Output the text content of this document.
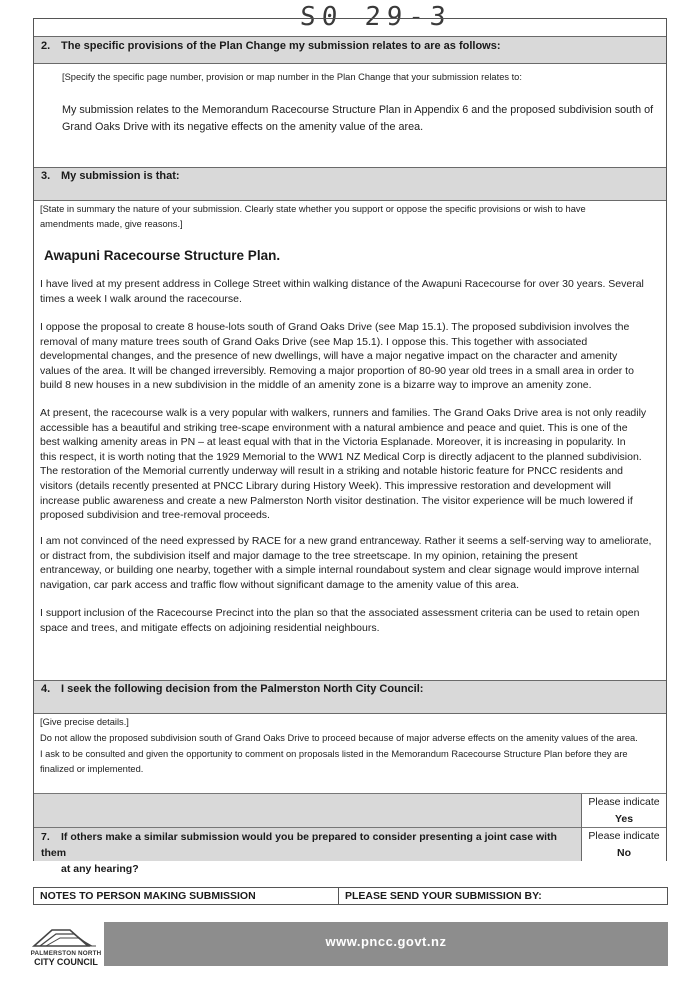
S0 29-3
2. The specific provisions of the Plan Change my submission relates to are as follows:
[Specify the specific page number, provision or map number in the Plan Change that your submission relates to:
My submission relates to the Memorandum Racecourse Structure Plan in Appendix 6 and the proposed subdivision south of
Grand Oaks Drive with its negative effects on the amenity value of the area.
3. My submission is that:
[State in summary the nature of your submission. Clearly state whether you support or oppose the specific provisions or wish to have
amendments made, give reasons.]
Awapuni Racecourse Structure Plan.
I have lived at my present address in College Street within walking distance of the Awapuni Racecourse for over 30 years. Several
times a week I walk around the racecourse.
I oppose the proposal to create 8 house-lots south of Grand Oaks Drive (see Map 15.1). The proposed subdivision involves the
removal of many mature trees south of Grand Oaks Drive (see Map 15.1). I oppose this. This together with associated
developmental changes, and the presence of new dwellings, will have a major negative impact on the character and amenity
values of the area. It will be changed irreversibly. Removing a major proportion of 80-90 year old trees in a small area in order to
build 8 new houses in a new subdivision in the middle of an amenity zone is a bizarre way to improve an amenity zone.
At present, the racecourse walk is a very popular with walkers, runners and families. The Grand Oaks Drive area is not only readily
accessible has a beautiful and striking tree-scape environment with a natural ambience and peace and quiet. This is one of the
best walking amenity areas in PN – at least equal with that in the Victoria Esplanade. Moreover, it is increasing in popularity. In
this respect, it is worth noting that the 1929 Memorial to the WW1 NZ Medical Corp is directly adjacent to the planned subdivision.
The restoration of the Memorial currently underway will result in a striking and notable historic feature for PNCC residents and
visitors (details recently presented at PNCC Library during History Week). This impressive restoration and development will
increase public awareness and create a new Palmerston North visitor destination. The visitor experience will be much lowered if
proposed subdivision and tree-removal proceeds.
I am not convinced of the need expressed by RACE for a new grand entranceway. Rather it seems a self-serving way to ameliorate,
or distract from, the subdivision itself and major damage to the tree streetscape. In my opinion, retaining the present
entranceway, or building one nearby, together with a simple internal roundabout system and clear signage would improve internal
navigation, car park access and traffic flow without significant damage to the amenity value of this area.
I support inclusion of the Racecourse Precinct into the plan so that the associated assessment criteria can be used to retain open
space and trees, and mitigate effects on adjoining residential neighbours.
4. I seek the following decision from the Palmerston North City Council:
[Give precise details.]
Do not allow the proposed subdivision south of Grand Oaks Drive to proceed because of major adverse effects on the amenity values of the area.
I ask to be consulted and given the opportunity to comment on proposals listed in the Memorandum Racecourse Structure Plan before they are
finalized or implemented.
Please indicate
Yes
7. If others make a similar submission would you be prepared to consider presenting a joint case with them
at any hearing?
Please indicate
No
NOTES TO PERSON MAKING SUBMISSION	PLEASE SEND YOUR SUBMISSION BY:
PALMERSTON NORTH
CITY COUNCIL
www.pncc.govt.nz
